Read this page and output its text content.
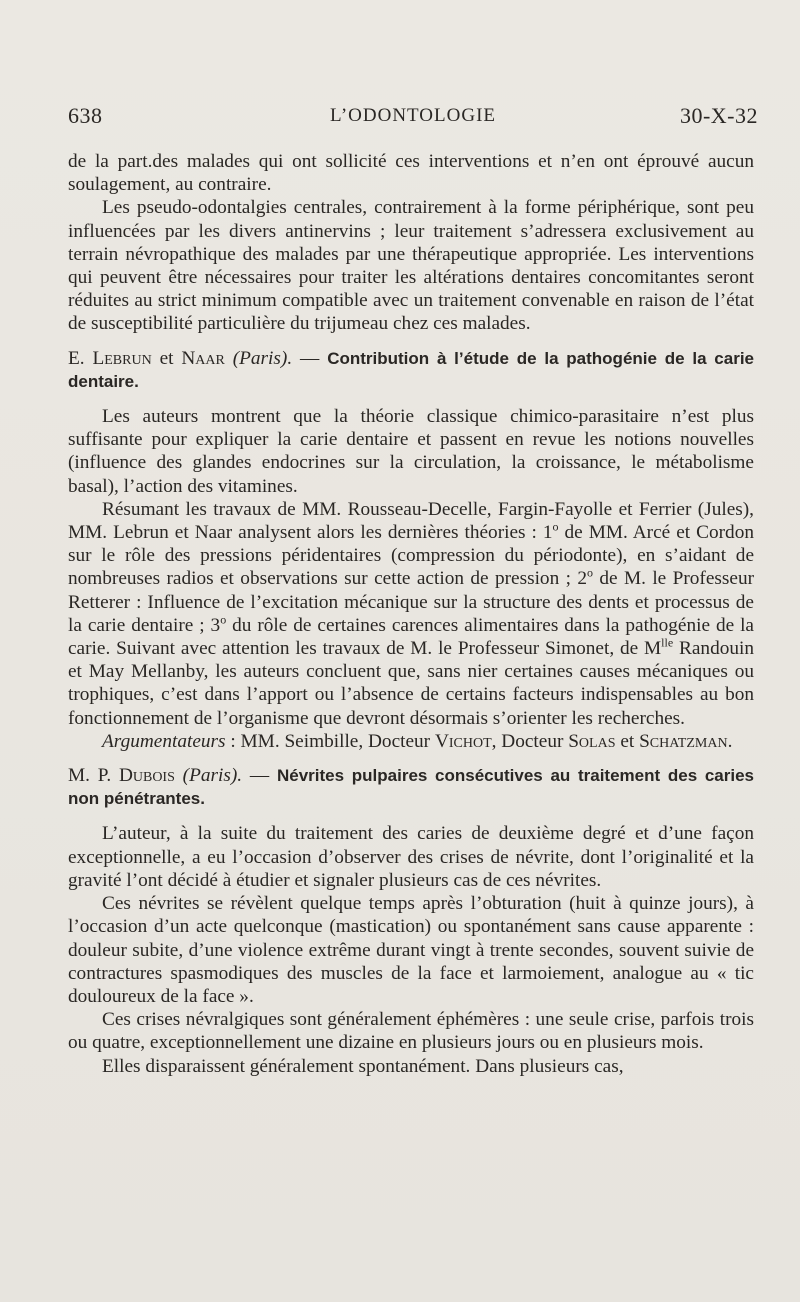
638	L’ODONTOLOGIE	30-X-32

de la part.des malades qui ont sollicité ces interventions et n’en ont éprouvé aucun soulagement, au contraire.

Les pseudo-odontalgies centrales, contrairement à la forme périphérique, sont peu influencées par les divers antinervins ; leur traitement s’adressera exclusivement au terrain névropathique des malades par une thérapeutique appropriée. Les interventions qui peuvent être nécessaires pour traiter les altérations dentaires concomitantes seront réduites au strict minimum compatible avec un traitement convenable en raison de l’état de susceptibilité particulière du trijumeau chez ces malades.

E. Lebrun et Naar (Paris). — Contribution à l’étude de la pathogénie de la carie dentaire.

Les auteurs montrent que la théorie classique chimico-parasitaire n’est plus suffisante pour expliquer la carie dentaire et passent en revue les notions nouvelles (influence des glandes endocrines sur la circulation, la croissance, le métabolisme basal), l’action des vitamines.

Résumant les travaux de MM. Rousseau-Decelle, Fargin-Fayolle et Ferrier (Jules), MM. Lebrun et Naar analysent alors les dernières théories : 1$^o$ de MM. Arcé et Cordon sur le rôle des pressions péridentaires (compression du périodonte), en s’aidant de nombreuses radios et observations sur cette action de pression ; 2$^o$ de M. le Professeur Retterer : Influence de l’excitation mécanique sur la structure des dents et processus de la carie dentaire ; 3$^o$ du rôle de certaines carences alimentaires dans la pathogénie de la carie. Suivant avec attention les travaux de M. le Professeur Simonet, de $M^{lle}$ Randouin et May Mellanby, les auteurs concluent que, sans nier certaines causes mécaniques ou trophiques, c’est dans l’apport ou l’absence de certains facteurs indispensables au bon fonctionnement de l’organisme que devront désormais s’orienter les recherches.

Argumentateurs : MM. Seimbille, Docteur Vichot, Docteur Solas et Schatzman.

M. P. Dubois (Paris). — Névrites pulpaires consécutives au traitement des caries non pénétrantes.

L’auteur, à la suite du traitement des caries de deuxième degré et d’une façon exceptionnelle, a eu l’occasion d’observer des crises de névrite, dont l’originalité et la gravité l’ont décidé à étudier et signaler plusieurs cas de ces névrites.

Ces névrites se révèlent quelque temps après l’obturation (huit à quinze jours), à l’occasion d’un acte quelconque (mastication) ou spontanément sans cause apparente : douleur subite, d’une violence extrême durant vingt à trente secondes, souvent suivie de contractures spasmodiques des muscles de la face et larmoiement, analogue au « tic douloureux de la face ».

Ces crises névralgiques sont généralement éphémères : une seule crise, parfois trois ou quatre, exceptionnellement une dizaine en plusieurs jours ou en plusieurs mois.

Elles disparaissent généralement spontanément. Dans plusieurs cas,
